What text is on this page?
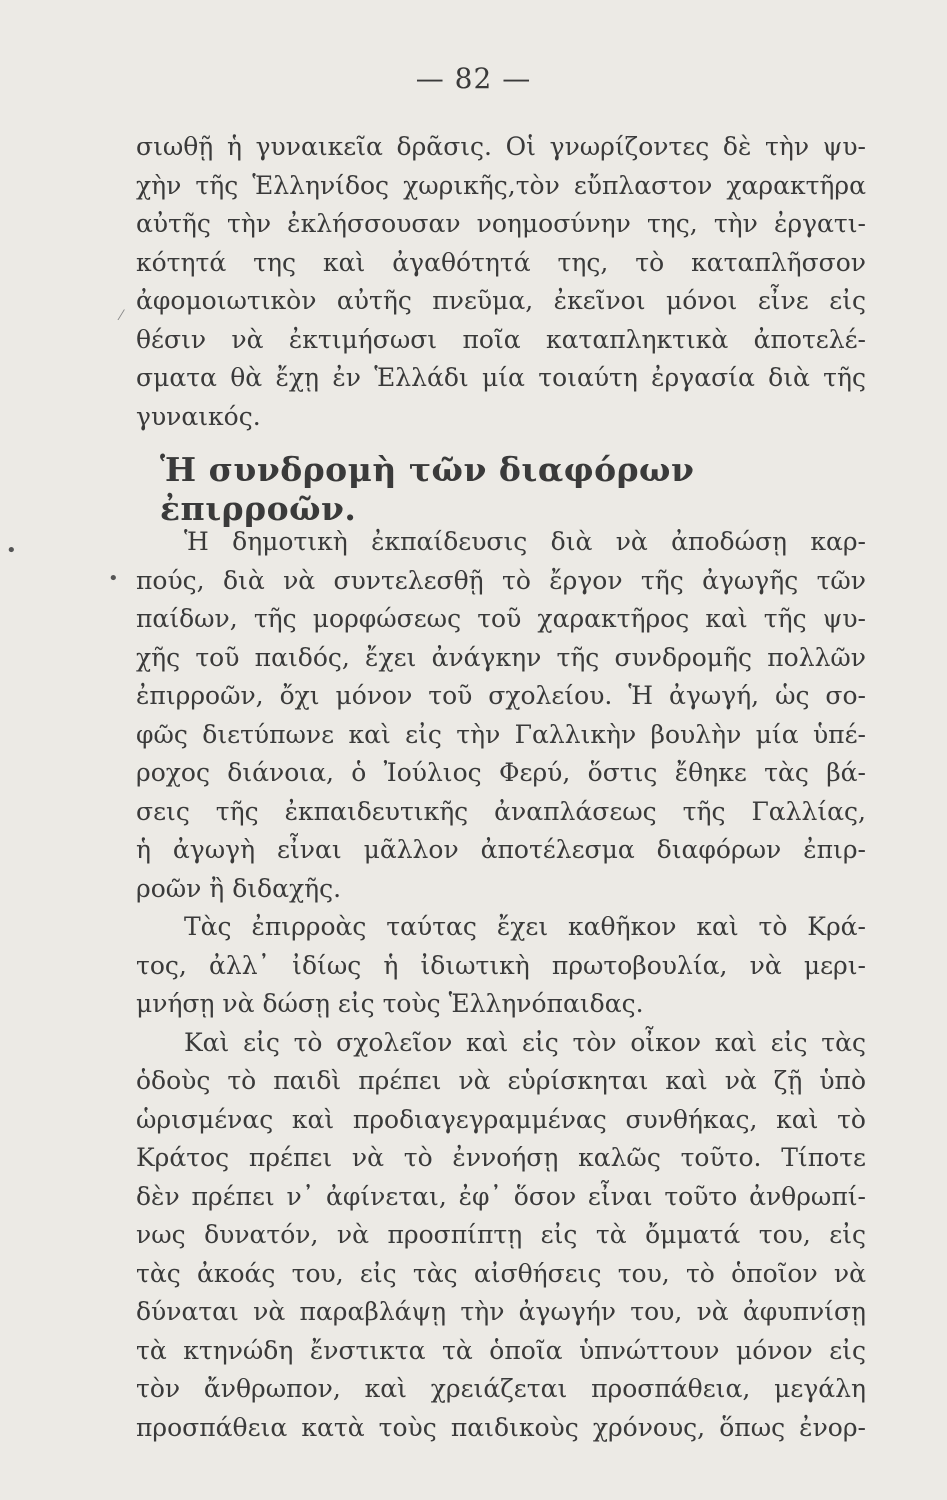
— 82 —
σιωθῇ ἡ γυναικεῖα δρᾶσις. Οἱ γνωρίζοντες δὲ τὴν ψυ-
χὴν τῆς Ἑλληνίδος χωρικῆς,τὸν εὔπλαστον χαρακτῆρα
αὐτῆς τὴν ἐκλήσσουσαν νοημοσύνην της, τὴν ἐργατι-
κότητά της καὶ ἀγαθότητά της, τὸ καταπλῆσσον
ἀφομοιωτικὸν αὐτῆς πνεῦμα, ἐκεῖνοι μόνοι εἶνε εἰς
θέσιν νὰ ἐκτιμήσωσι ποῖα καταπληκτικὰ ἀποτελέ-
σματα θὰ ἔχῃ ἐν Ἑλλάδι μία τοιαύτη ἐργασία διὰ τῆς
γυναικός.
Ἡ συνδρομὴ τῶν διαφόρων ἐπιρροῶν.
Ἡ δημοτικὴ ἐκπαίδευσις διὰ νὰ ἀποδώσῃ καρ-
πούς, διὰ νὰ συντελεσθῇ τὸ ἔργον τῆς ἀγωγῆς τῶν
παίδων, τῆς μορφώσεως τοῦ χαρακτῆρος καὶ τῆς ψυ-
χῆς τοῦ παιδός, ἔχει ἀνάγκην τῆς συνδρομῆς πολλῶν
ἐπιρροῶν, ὄχι μόνον τοῦ σχολείου. Ἡ ἀγωγή, ὡς σο-
φῶς διετύπωνε καὶ εἰς τὴν Γαλλικὴν βουλὴν μία ὑπέ-
ροχος διάνοια, ὁ Ἰούλιος Φερύ, ὅστις ἔθηκε τὰς βά-
σεις τῆς ἐκπαιδευτικῆς ἀναπλάσεως τῆς Γαλλίας,
ἡ ἀγωγὴ εἶναι μᾶλλον ἀποτέλεσμα διαφόρων ἐπιρ-
ροῶν ἢ διδαχῆς.
Τὰς ἐπιρροὰς ταύτας ἔχει καθῆκον καὶ τὸ Κρά-
τος, ἀλλ᾽ ἰδίως ἡ ἰδιωτικὴ πρωτοβουλία, νὰ μερι-
μνήσῃ νὰ δώσῃ εἰς τοὺς Ἑλληνόπαιδας.
Καὶ εἰς τὸ σχολεῖον καὶ εἰς τὸν οἶκον καὶ εἰς τὰς
ὁδοὺς τὸ παιδὶ πρέπει νὰ εὑρίσκηται καὶ νὰ ζῇ ὑπὸ
ὡρισμένας καὶ προδιαγεγραμμένας συνθήκας, καὶ τὸ
Κράτος πρέπει νὰ τὸ ἐννοήσῃ καλῶς τοῦτο. Τίποτε
δὲν πρέπει ν᾽ ἀφίνεται, ἐφ᾽ ὅσον εἶναι τοῦτο ἀνθρωπί-
νως δυνατόν, νὰ προσπίπτῃ εἰς τὰ ὄμματά του, εἰς
τὰς ἀκοάς του, εἰς τὰς αἰσθήσεις του, τὸ ὁποῖον νὰ
δύναται νὰ παραβλάψῃ τὴν ἀγωγήν του, νὰ ἀφυπνίσῃ
τὰ κτηνώδη ἔνστικτα τὰ ὁποῖα ὑπνώττουν μόνον εἰς
τὸν ἄνθρωπον, καὶ χρειάζεται προσπάθεια, μεγάλη
προσπάθεια κατὰ τοὺς παιδικοὺς χρόνους, ὅπως ἐνορ-
•
•
⁄
